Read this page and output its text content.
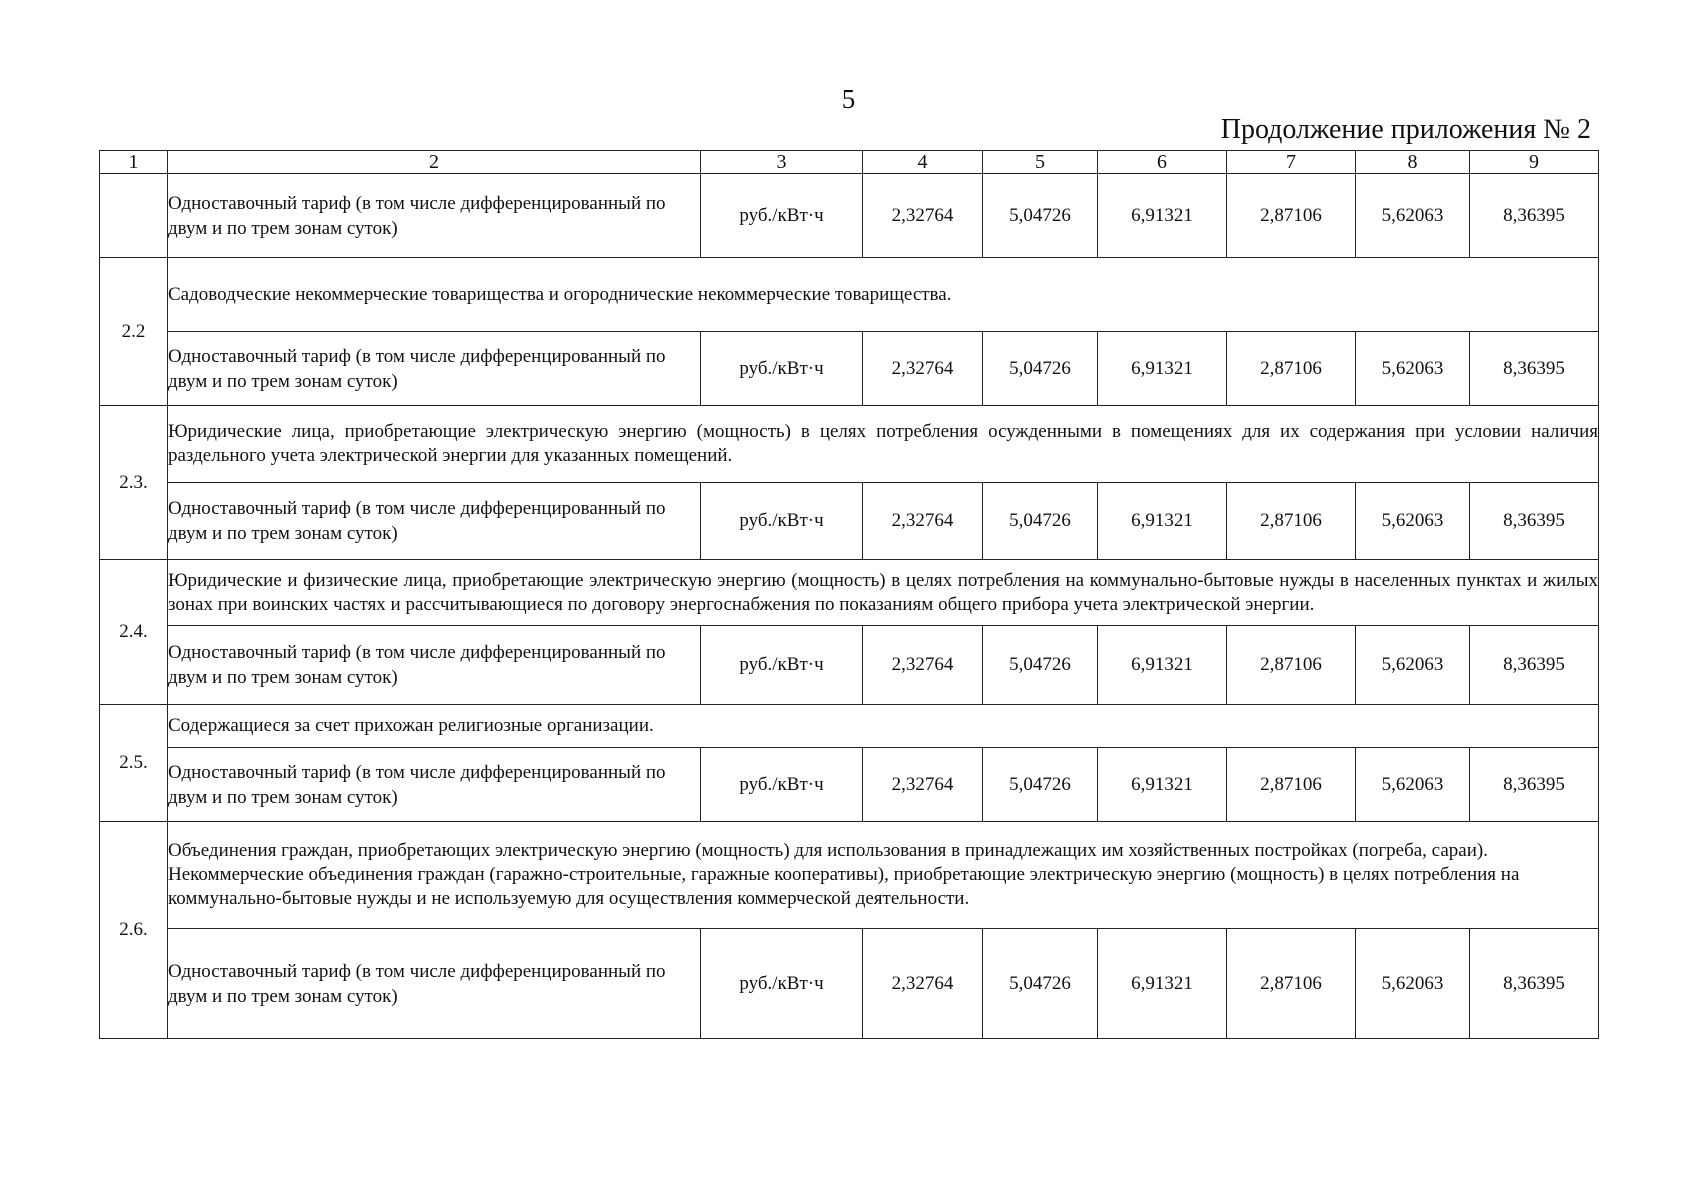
5
Продолжение приложения № 2
1	2	3	4	5	6	7	8	9
	Одноставочный тариф (в том числе дифференцированный по двум и по трем зонам суток)	руб./кВт·ч	2,32764	5,04726	6,91321	2,87106	5,62063	8,36395
2.2	Садоводческие некоммерческие товарищества и огороднические некоммерческие товарищества.							
	Одноставочный тариф (в том числе дифференцированный по двум и по трем зонам суток)	руб./кВт·ч	2,32764	5,04726	6,91321	2,87106	5,62063	8,36395
2.3.	Юридические лица, приобретающие электрическую энергию (мощность) в целях потребления осужденными в помещениях для их содержания при условии наличия раздельного учета электрической энергии для указанных помещений.							
	Одноставочный тариф (в том числе дифференцированный по двум и по трем зонам суток)	руб./кВт·ч	2,32764	5,04726	6,91321	2,87106	5,62063	8,36395
2.4.	Юридические и физические лица, приобретающие электрическую энергию (мощность) в целях потребления на коммунально-бытовые нужды в населенных пунктах и жилых зонах при воинских частях и рассчитывающиеся по договору энергоснабжения по показаниям общего прибора учета электрической энергии.							
	Одноставочный тариф (в том числе дифференцированный по двум и по трем зонам суток)	руб./кВт·ч	2,32764	5,04726	6,91321	2,87106	5,62063	8,36395
2.5.	Содержащиеся за счет прихожан религиозные организации.							
	Одноставочный тариф (в том числе дифференцированный по двум и по трем зонам суток)	руб./кВт·ч	2,32764	5,04726	6,91321	2,87106	5,62063	8,36395
2.6.	Объединения граждан, приобретающих электрическую энергию (мощность) для использования в принадлежащих им хозяйственных постройках (погреба, сараи). Некоммерческие объединения граждан (гаражно-строительные, гаражные кооперативы), приобретающие электрическую энергию (мощность) в целях потребления на коммунально-бытовые нужды и не используемую для осуществления коммерческой деятельности.							
	Одноставочный тариф (в том числе дифференцированный по двум и по трем зонам суток)	руб./кВт·ч	2,32764	5,04726	6,91321	2,87106	5,62063	8,36395
